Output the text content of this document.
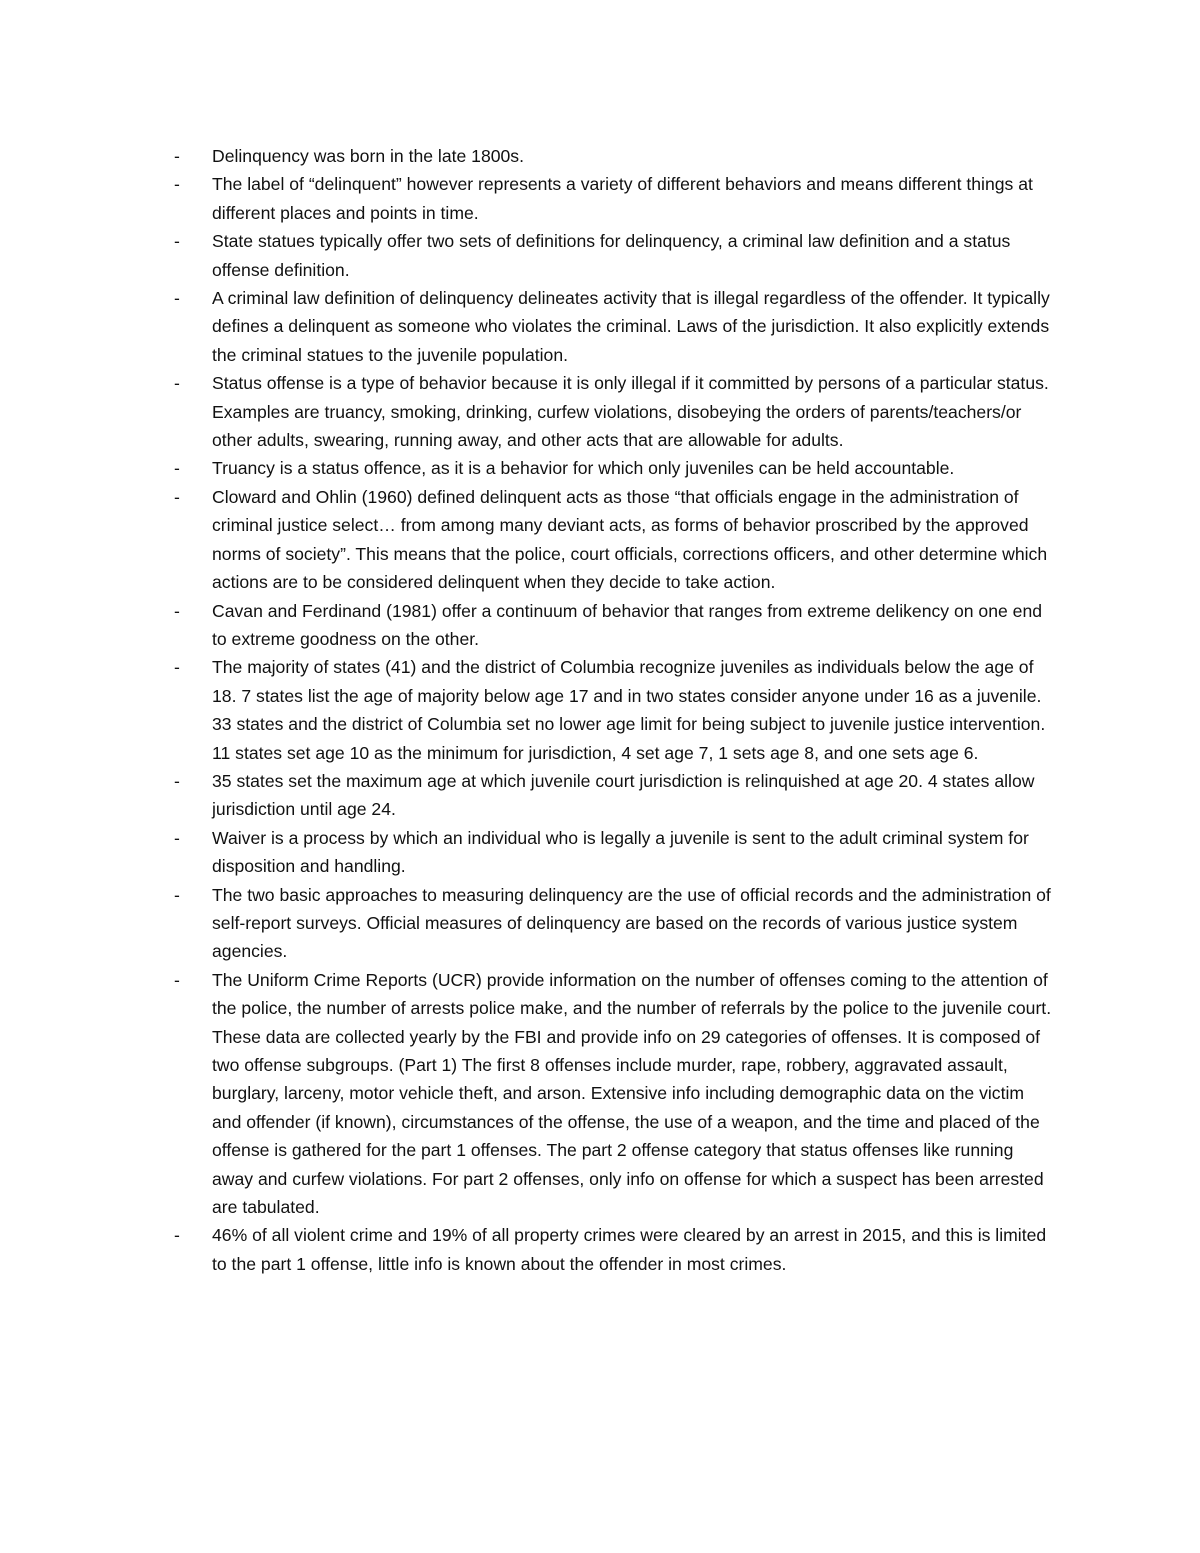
-	Delinquency was born in the late 1800s.
-	The label of “delinquent” however represents a variety of different behaviors and means different things at different places and points in time.
-	State statues typically offer two sets of definitions for delinquency, a criminal law definition and a status offense definition.
-	A criminal law definition of delinquency delineates activity that is illegal regardless of the offender. It typically defines a delinquent as someone who violates the criminal. Laws of the jurisdiction. It also explicitly extends the criminal statues to the juvenile population.
-	Status offense is a type of behavior because it is only illegal if it committed by persons of a particular status. Examples are truancy, smoking, drinking, curfew violations, disobeying the orders of parents/teachers/or other adults, swearing, running away, and other acts that are allowable for adults.
-	Truancy is a status offence, as it is a behavior for which only juveniles can be held accountable.
-	Cloward and Ohlin (1960) defined delinquent acts as those “that officials engage in the administration of criminal justice select… from among many deviant acts, as forms of behavior proscribed by the approved norms of society”. This means that the police, court officials, corrections officers, and other determine which actions are to be considered delinquent when they decide to take action.
-	Cavan and Ferdinand (1981) offer a continuum of behavior that ranges from extreme delikency on one end to extreme goodness on the other.
-	The majority of states (41) and the district of Columbia recognize juveniles as individuals below the age of 18. 7 states list the age of majority below age 17 and in two states consider anyone under 16 as a juvenile. 33 states and the district of Columbia set no lower age limit for being subject to juvenile justice intervention. 11 states set age 10 as the minimum for jurisdiction, 4 set age 7, 1 sets age 8, and one sets age 6.
-	35 states set the maximum age at which juvenile court jurisdiction is relinquished at age 20. 4 states allow jurisdiction until age 24.
-	Waiver is a process by which an individual who is legally a juvenile is sent to the adult criminal system for disposition and handling.
-	The two basic approaches to measuring delinquency are the use of official records and the administration of self-report surveys. Official measures of delinquency are based on the records of various justice system agencies.
-	The Uniform Crime Reports (UCR) provide information on the number of offenses coming to the attention of the police, the number of arrests police make, and the number of referrals by the police to the juvenile court. These data are collected yearly by the FBI and provide info on 29 categories of offenses. It is composed of two offense subgroups. (Part 1) The first 8 offenses include murder, rape, robbery, aggravated assault, burglary, larceny, motor vehicle theft, and arson. Extensive info including demographic data on the victim and offender (if known), circumstances of the offense, the use of a weapon, and the time and placed of the offense is gathered for the part 1 offenses. The part 2 offense category that status offenses like running away and curfew violations. For part 2 offenses, only info on offense for which a suspect has been arrested are tabulated.
-	46% of all violent crime and 19% of all property crimes were cleared by an arrest in 2015, and this is limited to the part 1 offense, little info is known about the offender in most crimes.
